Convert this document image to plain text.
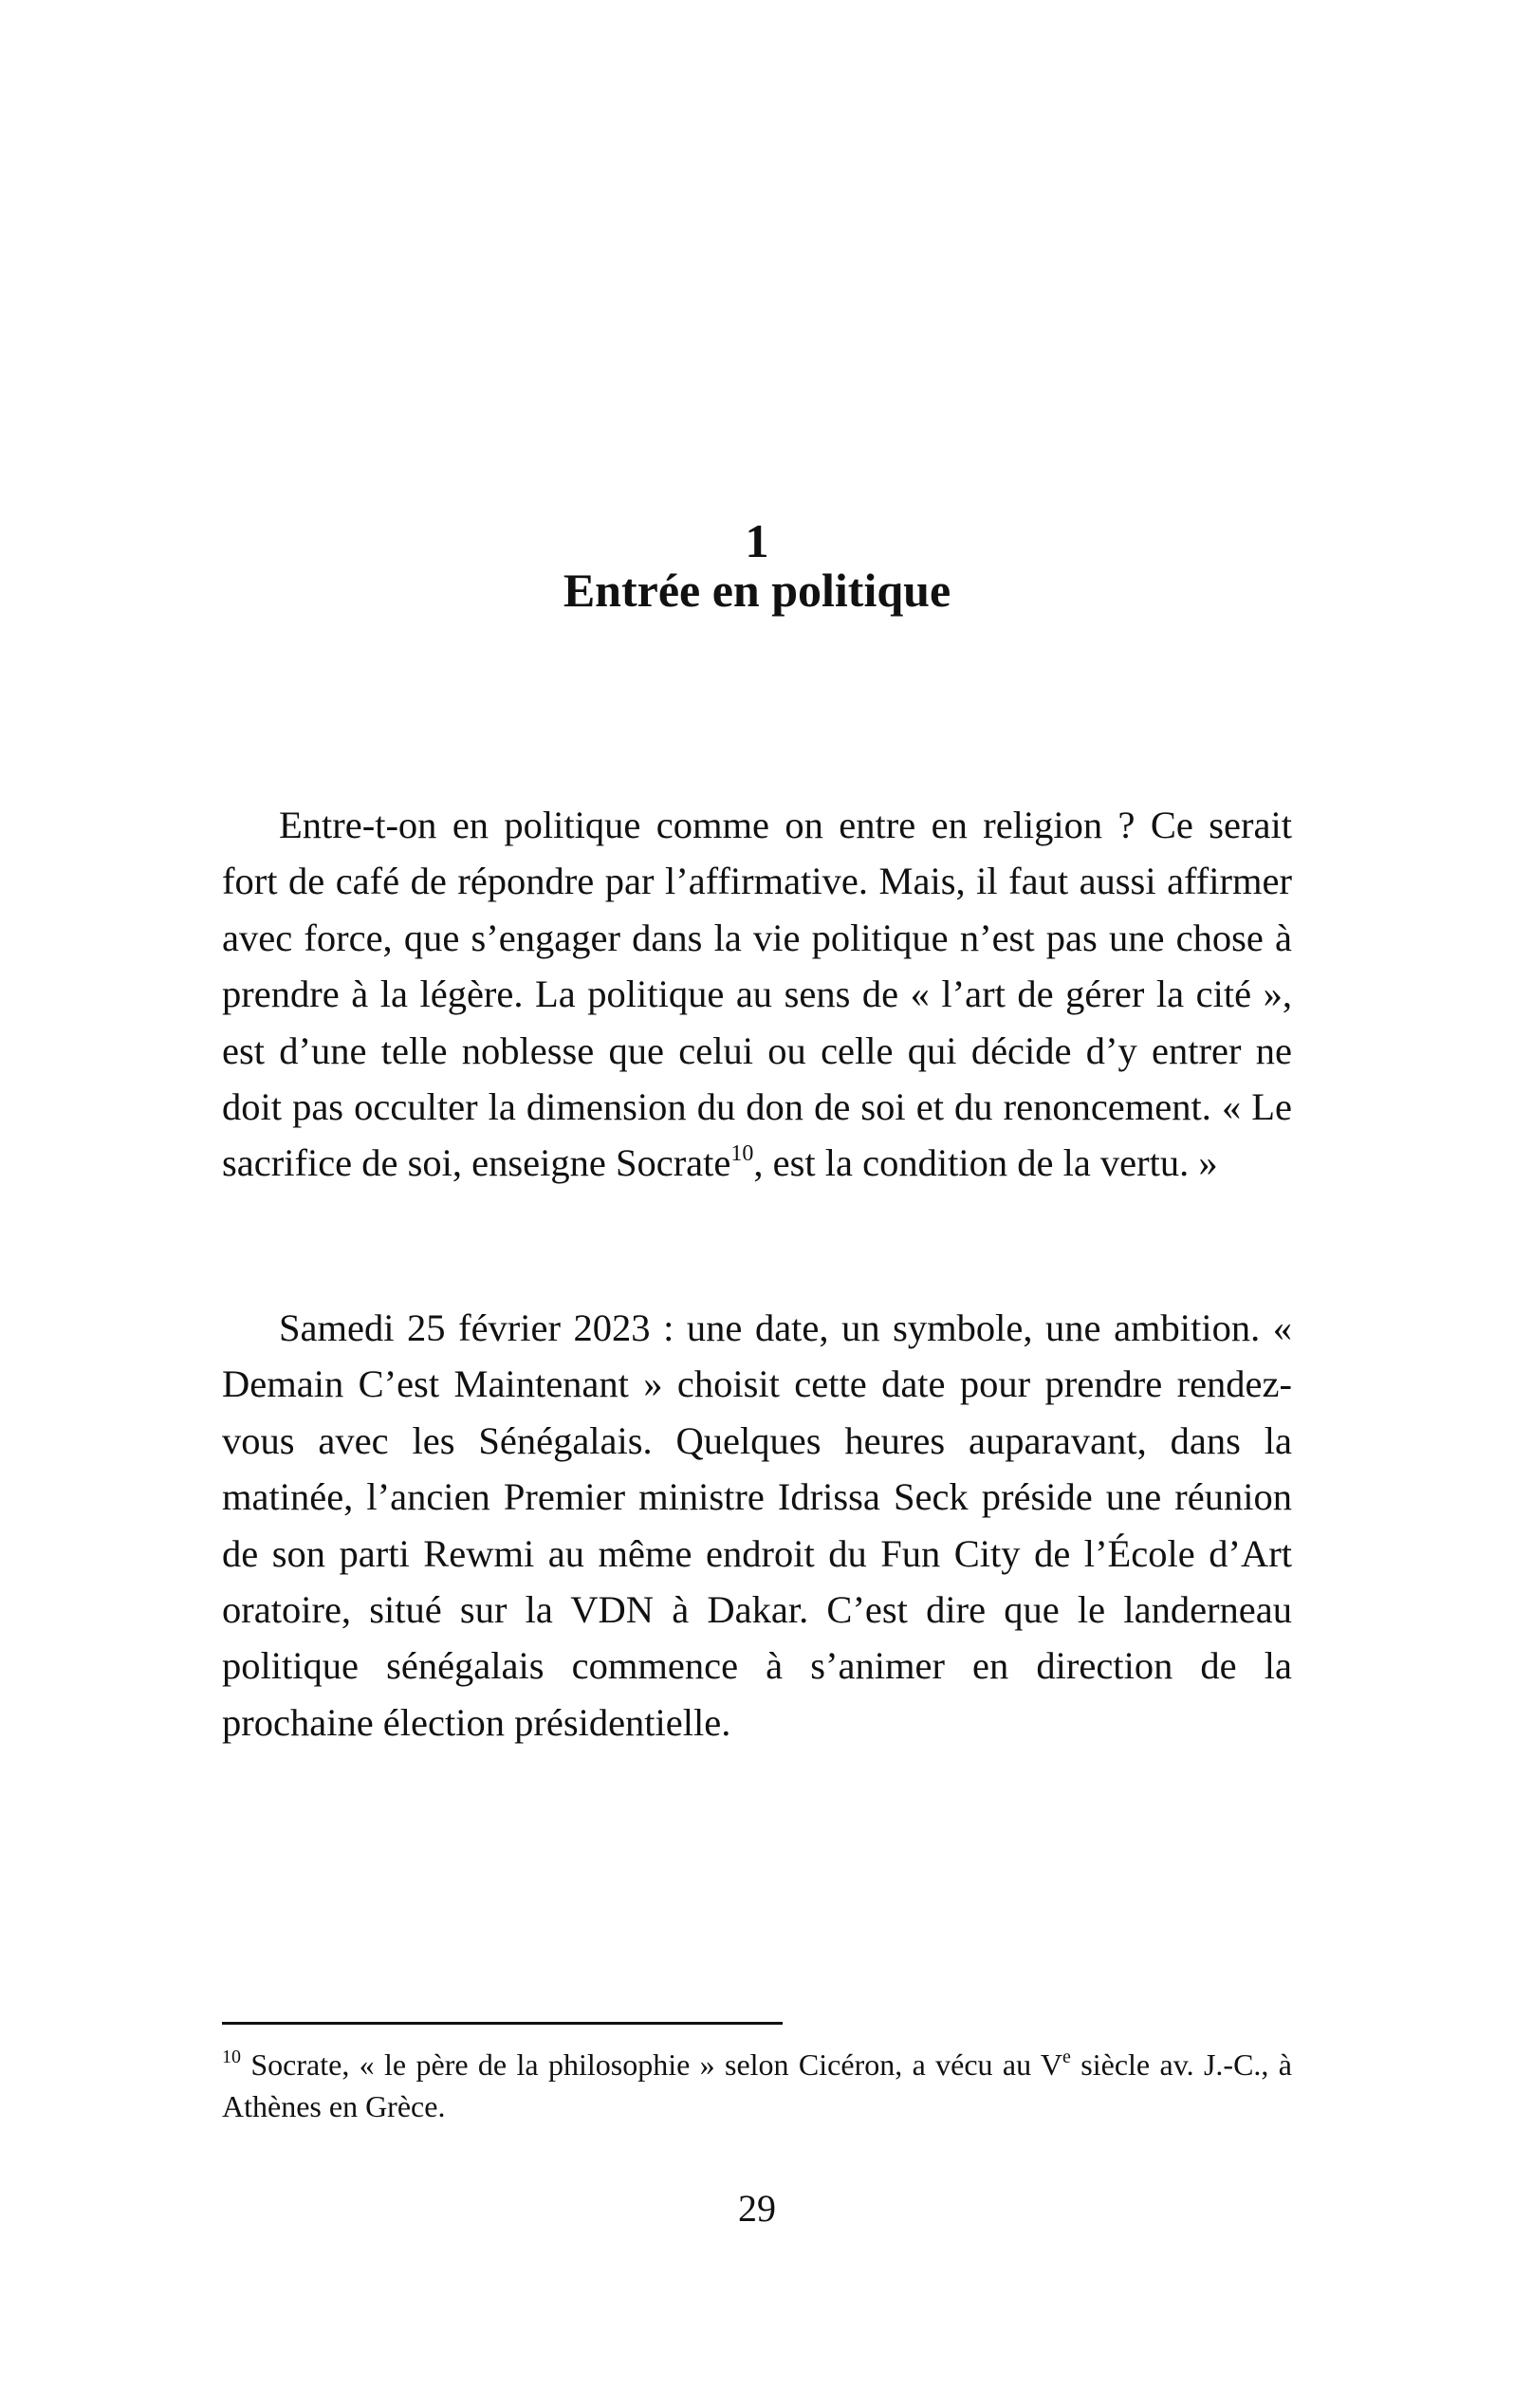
1
Entrée en politique

Entre-t-on en politique comme on entre en religion ? Ce serait fort de café de répondre par l’affirmative. Mais, il faut aussi affirmer avec force, que s’engager dans la vie politique n’est pas une chose à prendre à la légère. La politique au sens de « l’art de gérer la cité », est d’une telle noblesse que celui ou celle qui décide d’y entrer ne doit pas occulter la dimension du don de soi et du renoncement. « Le sacrifice de soi, enseigne Socrate$^{10}$, est la condition de la vertu. »

Samedi 25 février 2023 : une date, un symbole, une ambition. « Demain C’est Maintenant » choisit cette date pour prendre rendez-vous avec les Sénégalais. Quelques heures auparavant, dans la matinée, l’ancien Premier ministre Idrissa Seck préside une réunion de son parti Rewmi au même endroit du Fun City de l’École d’Art oratoire, situé sur la VDN à Dakar. C’est dire que le landerneau politique sénégalais commence à s’animer en direction de la prochaine élection présidentielle.

$^{10}$ Socrate, « le père de la philosophie » selon Cicéron, a vécu au Ve siècle av. J.-C., à Athènes en Grèce.

29
